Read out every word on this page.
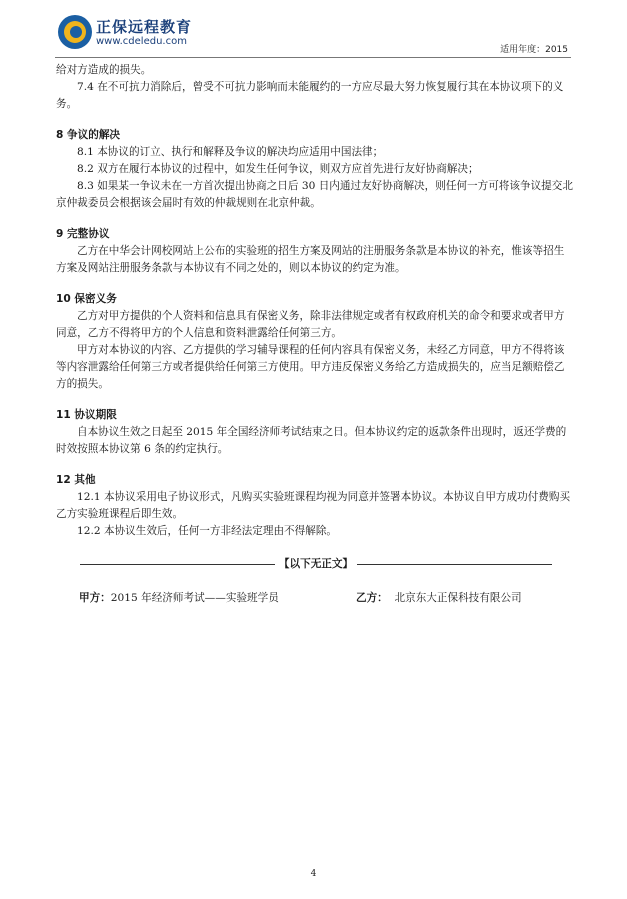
正保远程教育
www.cdeledu.com
适用年度：2015

给对方造成的损失。

7.4 在不可抗力消除后，曾受不可抗力影响而未能履约的一方应尽最大努力恢复履行其在本协议项下的义务。

8 争议的解决

8.1 本协议的订立、执行和解释及争议的解决均应适用中国法律；

8.2 双方在履行本协议的过程中，如发生任何争议，则双方应首先进行友好协商解决；

8.3 如果某一争议未在一方首次提出协商之日后 30 日内通过友好协商解决，则任何一方可将该争议提交北京仲裁委员会根据该会届时有效的仲裁规则在北京仲裁。

9 完整协议

乙方在中华会计网校网站上公布的实验班的招生方案及网站的注册服务条款是本协议的补充，惟该等招生方案及网站注册服务条款与本协议有不同之处的，则以本协议的约定为准。

10 保密义务

乙方对甲方提供的个人资料和信息具有保密义务，除非法律规定或者有权政府机关的命令和要求或者甲方同意，乙方不得将甲方的个人信息和资料泄露给任何第三方。

甲方对本协议的内容、乙方提供的学习辅导课程的任何内容具有保密义务，未经乙方同意，甲方不得将该等内容泄露给任何第三方或者提供给任何第三方使用。甲方违反保密义务给乙方造成损失的，应当足额赔偿乙方的损失。

11 协议期限

自本协议生效之日起至 2015 年全国经济师考试结束之日。但本协议约定的返款条件出现时，返还学费的时效按照本协议第 6 条的约定执行。

12 其他

12.1 本协议采用电子协议形式，凡购买实验班课程均视为同意并签署本协议。本协议自甲方成功付费购买乙方实验班课程后即生效。

12.2 本协议生效后，任何一方非经法定理由不得解除。

【以下无正文】
甲方：2015 年经济师考试——实验班学员	乙方： 北京东大正保科技有限公司
4
